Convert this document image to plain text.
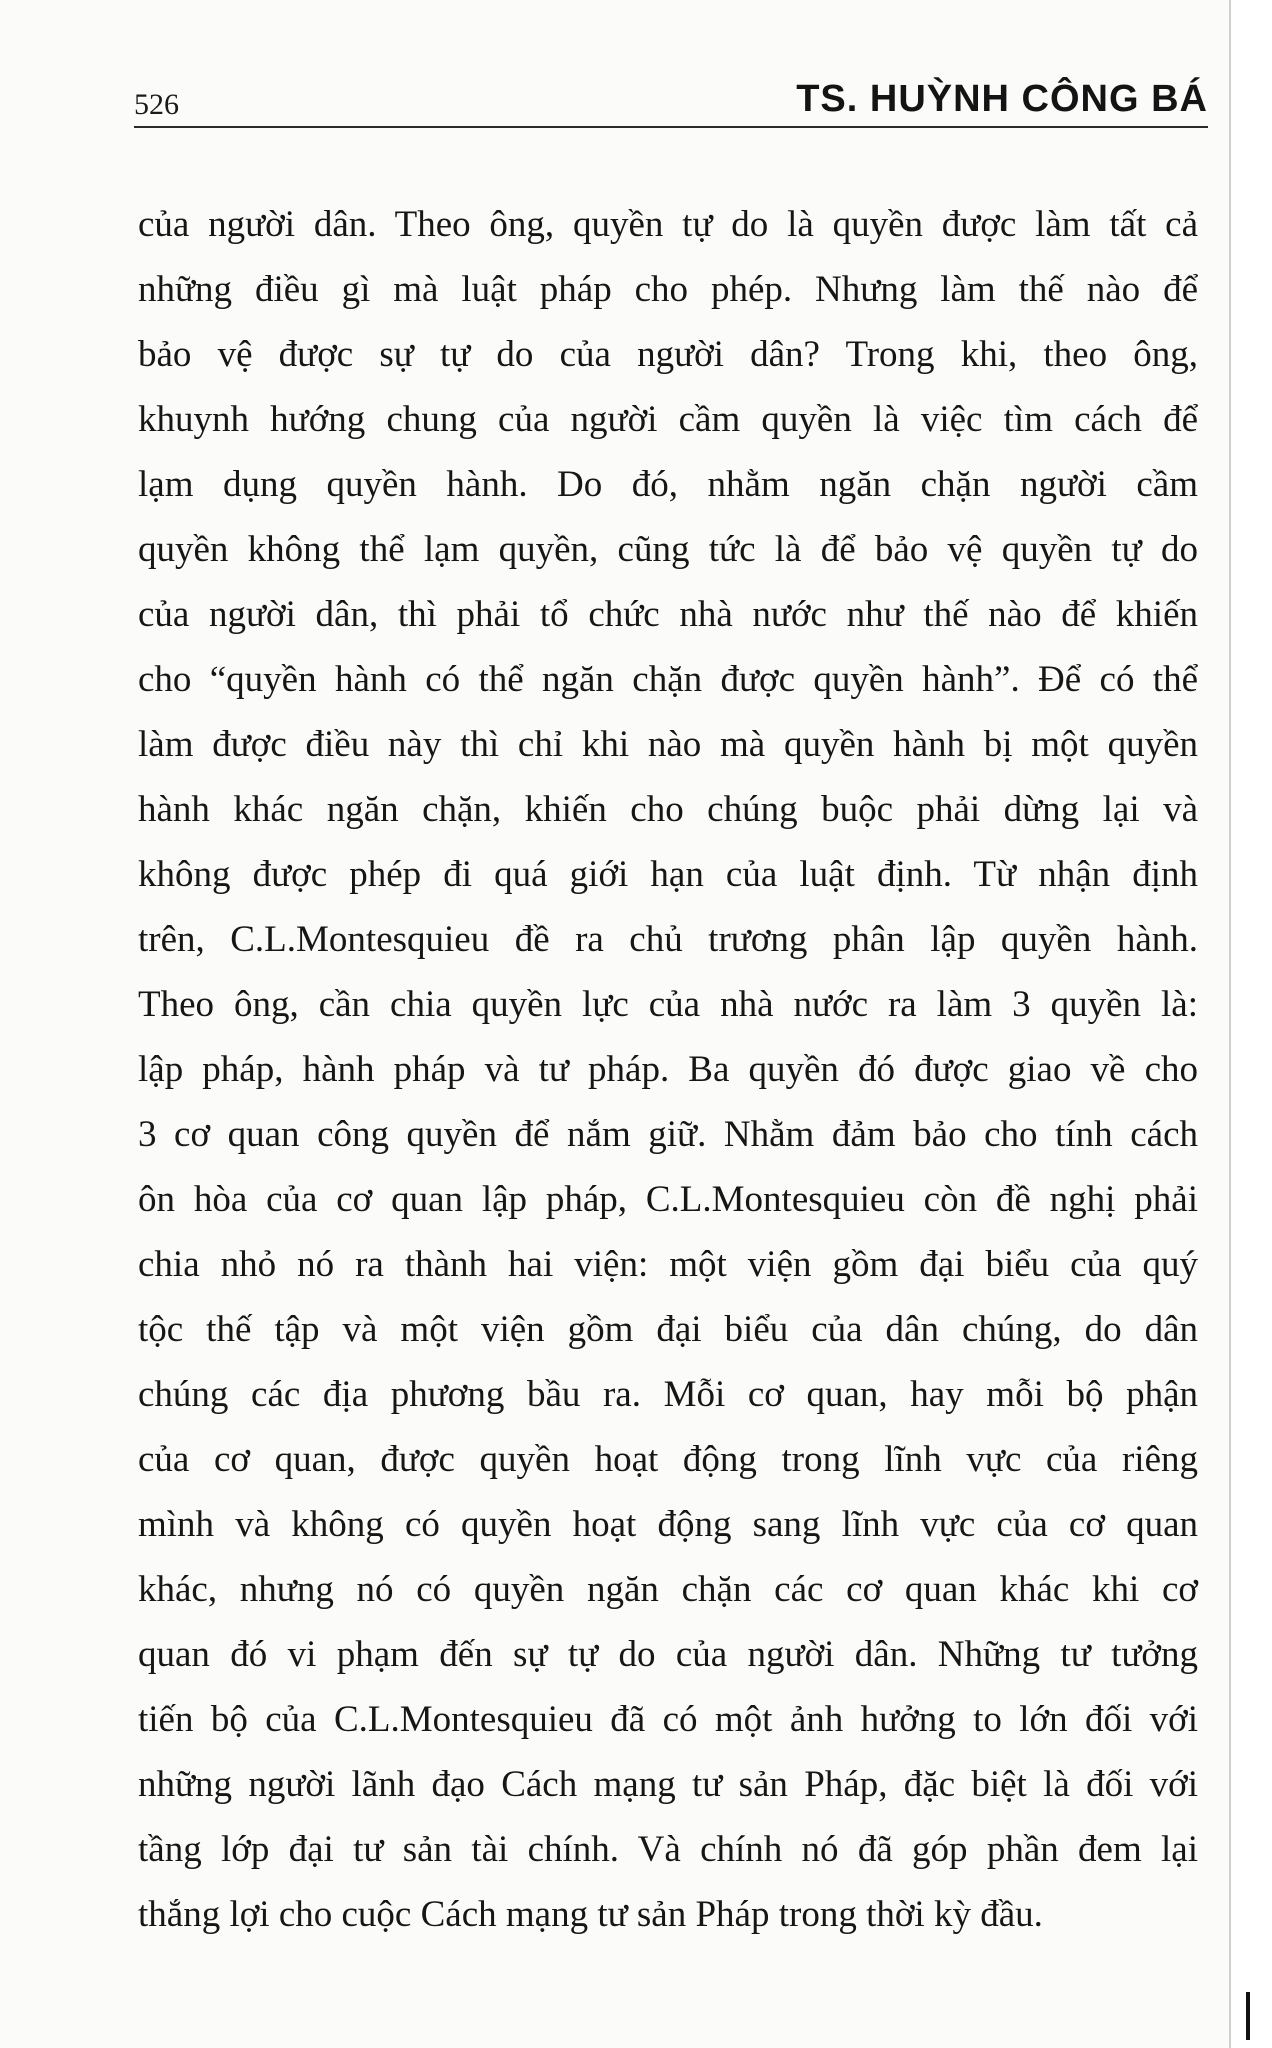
526	TS. HUỲNH CÔNG BÁ
của người dân. Theo ông, quyền tự do là quyền được làm tất cả
những điều gì mà luật pháp cho phép. Nhưng làm thế nào để
bảo vệ được sự tự do của người dân? Trong khi, theo ông,
khuynh hướng chung của người cầm quyền là việc tìm cách để
lạm dụng quyền hành. Do đó, nhằm ngăn chặn người cầm
quyền không thể lạm quyền, cũng tức là để bảo vệ quyền tự do
của người dân, thì phải tổ chức nhà nước như thế nào để khiến
cho “quyền hành có thể ngăn chặn được quyền hành”. Để có thể
làm được điều này thì chỉ khi nào mà quyền hành bị một quyền
hành khác ngăn chặn, khiến cho chúng buộc phải dừng lại và
không được phép đi quá giới hạn của luật định. Từ nhận định
trên, C.L.Montesquieu đề ra chủ trương phân lập quyền hành.
Theo ông, cần chia quyền lực của nhà nước ra làm 3 quyền là:
lập pháp, hành pháp và tư pháp. Ba quyền đó được giao về cho
3 cơ quan công quyền để nắm giữ. Nhằm đảm bảo cho tính cách
ôn hòa của cơ quan lập pháp, C.L.Montesquieu còn đề nghị phải
chia nhỏ nó ra thành hai viện: một viện gồm đại biểu của quý
tộc thế tập và một viện gồm đại biểu của dân chúng, do dân
chúng các địa phương bầu ra. Mỗi cơ quan, hay mỗi bộ phận
của cơ quan, được quyền hoạt động trong lĩnh vực của riêng
mình và không có quyền hoạt động sang lĩnh vực của cơ quan
khác, nhưng nó có quyền ngăn chặn các cơ quan khác khi cơ
quan đó vi phạm đến sự tự do của người dân. Những tư tưởng
tiến bộ của C.L.Montesquieu đã có một ảnh hưởng to lớn đối với
những người lãnh đạo Cách mạng tư sản Pháp, đặc biệt là đối với
tầng lớp đại tư sản tài chính. Và chính nó đã góp phần đem lại
thắng lợi cho cuộc Cách mạng tư sản Pháp trong thời kỳ đầu.
